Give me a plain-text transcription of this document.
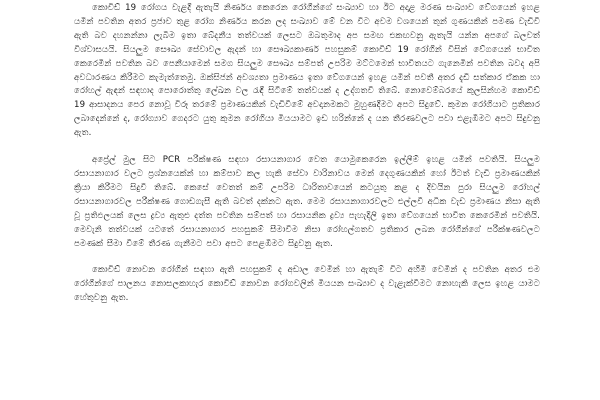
කොවිඩ් 19 රෝගය වැළදී ඇතැයි නිර්ණය කෙරෙන රෝගීන්ගේ සංඛ්‍යාව හා ඊට අදාළ මරණ සංඛ්‍යාව වේගයෙන් ඉහළ යමින් පවතින අතර ප්‍රජාව තුළ රෝග නිර්ණය කරන ලද සංඛ්‍යාව මේ වන විට අවම වශයෙන් තුන් ගුණයකින් පමණ වැඩිවී ඇති බව දහනන්නා ලැබීම ඉතා බේදනීය තත්වයක් ලෙසට ඔබතුමාද අප සමඟ එකඟවනු ඇතැයි යන්න අපගේ බලවත් විශ්වාසයයි. සියලුම සෞඛ්‍ය සේවාවල ඇදන් හා සෞඛ්‍යකාර්ණ පහසුකම් කොවිඩ් 19 රෝගීන් විසින් වේගයෙන් භාවිත කෙරෙමින් පවතින බව පෙනීයාමෙන් සමග සියලුම සෞඛ්‍ය සම්පත් උපරිම මට්ටමෙන් භාවිතයට ගැනෙමින් පවතින බවද අපි අවධාරණය කිරීමට කැමැත්තෙමු. ඔක්සිජන් අවශ්‍යතා ප්‍රමාණය ඉතා වේගයෙන් ඉහළ යමින් පවතී අතර දැඩි සත්කාර ඒකක හා රෝහල් ඇඳන් සඳහාද පොරොත්තු ලේඛන වල රැඳී සිටීමේ තත්වයක් ද උද්ගතවී තිබේ. නොවෙම්බරයේ කුලසින්හම කොවිඩ් 19 ආසාදනය පෙර නොවූ විරූ තරමේ ප්‍රමාණයකින් වැඩිවීමේ අවදානමකට මුහුණදීමට අපට සිදුවේ. කුමන රෝගියාට ප්‍රතිකාර ලබාදෙන්නේ ද, රෝග්‍යාව ගෙදරට යුතු කුමන රෝගියා මියයාමට ඉඩ හරින්නේ ද යන තීරණවලට පවා එළැඹීමට අපට සිදුවනු ඇත.

අප්‍රේල් මුල සිට PCR පරීක්ෂණ සඳහා රසායනාගාර වෙත යොමුකෙරෙන ඉල්ලීම් ඉහළ යමින් පවතියි. සියලුම රසායනාගාර වලට ප්‍රශ්නයෙක්න් හා කම්පාව කල හැකි සේවා වාරිනාවය මෙන් දෙගුණයකින් හෝ ඊටත් වැඩි ප්‍රමාණයකින් ක්‍රියා කිරීමට සිදුවී තිබේ. කෙසේ වෙතත් කම් උපරිම ධාරිතාවයෙන් කටයුතු කළ ද දිවයින පුරා සියලුම රෝහල් රසායනාගාරවල පරීක්ෂණ ගොඩගැසී ඇති බවත් දක්නට ඇත. මෙම රසායනාගාරවලට එල්ලවී අධික වැඩ ප්‍රමාණය නිසා ඇති වූ ප්‍රතිඵලයක් ලෙස ද්‍රව්‍ය ඇතුළු දත්ත පවතින සම්පත් හා රසායනික ද්‍රව්‍ය පැහැදිලි ඉතා වේගයෙන් භාවිත කෙරෙමින් පවතියි. මෙවැනි තත්වයක් යටතේ රසායනාගාර පහසුකම් සීමාවීම නිසා රෝහල්ගතව ප්‍රතිකාර ලබන රෝගීන්ගේ පරීක්ෂණවලට පමණක් සීමා වීමේ තීරණ ගැනීමට පවා අපට පෙළඹීමට සිදුවනු ඇත.

කොවිඩ් නොවන රෝගීන් සඳහා ඇති පහසුකම් ද අඩාල වෙමින් හා ඇතැම් විට අහිමි වෙමින් ද පවතින අතර එම රෝගීන්ගේ පාලනය නොසලකාහැර කොවිඩ් නොවන රෝගවලින් මියයන සංඛ්‍යාව ද වැළැක්වීමට නොහැකි ලෙස ඉහළ යාමට හේතුවනු ඇත.
